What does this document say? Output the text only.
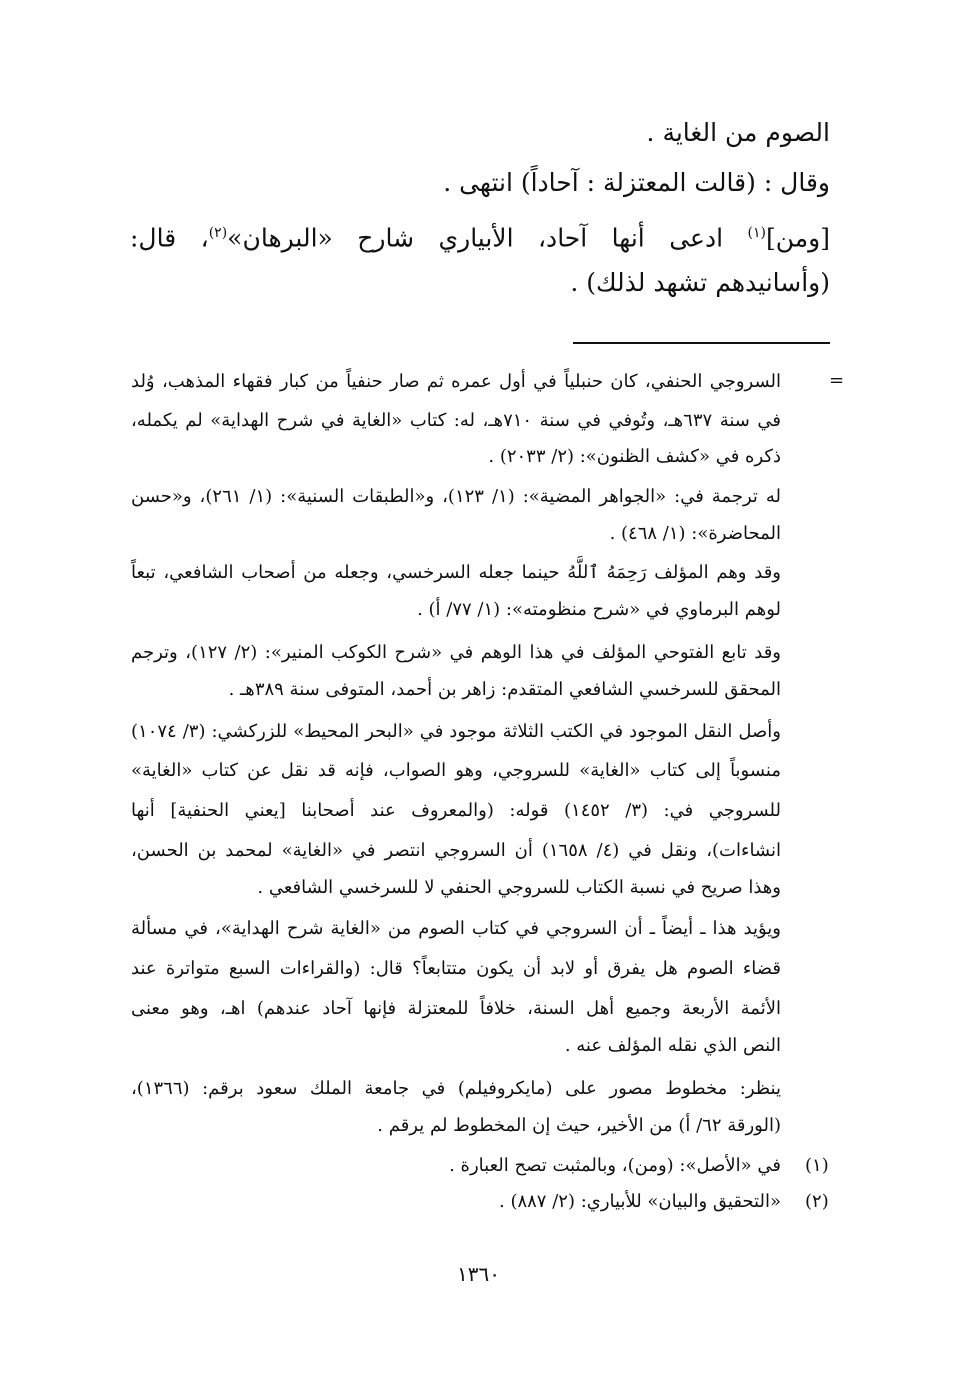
الصوم من الغاية .
وقال : (قالت المعتزلة : آحاداً) انتهى .
[ومن]$^{(١)}$ ادعى أنها آحاد، الأبياري شارح «البرهان»$^{(٢)}$، قال:
(وأسانيدهم تشهد لذلك) .
=
السروجي الحنفي، كان حنبلياً في أول عمره ثم صار حنفياً من كبار فقهاء المذهب، وُلد
في سنة ٦٣٧هـ، وتُوفي في سنة ٧١٠هـ، له: كتاب «الغاية في شرح الهداية» لم يكمله،
ذكره في «كشف الظنون»: (٢/ ٢٠٣٣) .
له ترجمة في: «الجواهر المضية»: (١/ ١٢٣)، و«الطبقات السنية»: (١/ ٢٦١)، و«حسن
المحاضرة»: (١/ ٤٦٨) .
وقد وهم المؤلف رَحِمَهُ ٱللَّهُ حينما جعله السرخسي، وجعله من أصحاب الشافعي، تبعاً
لوهم البرماوي في «شرح منظومته»: (١/ ٧٧/ أ) .
وقد تابع الفتوحي المؤلف في هذا الوهم في «شرح الكوكب المنير»: (٢/ ١٢٧)، وترجم
المحقق للسرخسي الشافعي المتقدم: زاهر بن أحمد، المتوفى سنة ٣٨٩هـ .
وأصل النقل الموجود في الكتب الثلاثة موجود في «البحر المحيط» للزركشي: (٣/ ١٠٧٤)
منسوباً إلى كتاب «الغاية» للسروجي، وهو الصواب، فإنه قد نقل عن كتاب «الغاية»
للسروجي في: (٣/ ١٤٥٢) قوله: (والمعروف عند أصحابنا [يعني الحنفية] أنها
انشاءات)، ونقل في (٤/ ١٦٥٨) أن السروجي انتصر في «الغاية» لمحمد بن الحسن،
وهذا صريح في نسبة الكتاب للسروجي الحنفي لا للسرخسي الشافعي .
ويؤيد هذا ـ أيضاً ـ أن السروجي في كتاب الصوم من «الغاية شرح الهداية»، في مسألة
قضاء الصوم هل يفرق أو لابد أن يكون متتابعاً؟ قال: (والقراءات السبع متواترة عند
الأئمة الأربعة وجميع أهل السنة، خلافاً للمعتزلة فإنها آحاد عندهم) اهـ، وهو معنى
النص الذي نقله المؤلف عنه .
ينظر: مخطوط مصور على (مايكروفيلم) في جامعة الملك سعود برقم: (١٣٦٦)،
(الورقة ٦٢/ أ) من الأخير، حيث إن المخطوط لم يرقم .
(١)
في «الأصل»: (ومن)، وبالمثبت تصح العبارة .
(٢)
«التحقيق والبيان» للأبياري: (٢/ ٨٨٧) .
١٣٦٠
